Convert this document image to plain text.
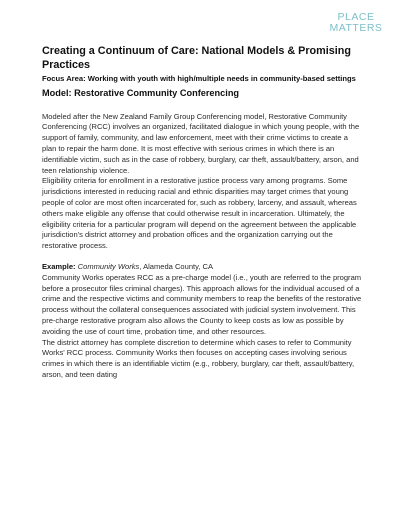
PLACE
MATTERS
Creating a Continuum of Care: National Models & Promising Practices
Focus Area: Working with youth with high/multiple needs in community-based settings
Model: Restorative Community Conferencing

Modeled after the New Zealand Family Group Conferencing model, Restorative Community Conferencing (RCC) involves an organized, facilitated dialogue in which young people, with the support of family, community, and law enforcement, meet with their crime victims to create a plan to repair the harm done. It is most effective with serious crimes in which there is an identifiable victim, such as in the case of robbery, burglary, car theft, assault/battery, arson, and teen relationship violence.

Eligibility criteria for enrollment in a restorative justice process vary among programs. Some jurisdictions interested in reducing racial and ethnic disparities may target crimes that young people of color are most often incarcerated for, such as robbery, larceny, and assault, whereas others make eligible any offense that could otherwise result in incarceration. Ultimately, the eligibility criteria for a particular program will depend on the agreement between the applicable jurisdiction's district attorney and probation offices and the organization carrying out the restorative process.

Example: Community Works, Alameda County, CA

Community Works operates RCC as a pre-charge model (i.e., youth are referred to the program before a prosecutor files criminal charges). This approach allows for the individual accused of a crime and the respective victims and community members to reap the benefits of the restorative process without the collateral consequences associated with judicial system involvement. This pre-charge restorative program also allows the County to keep costs as low as possible by avoiding the use of court time, probation time, and other resources.

The district attorney has complete discretion to determine which cases to refer to Community Works' RCC process. Community Works then focuses on accepting cases involving serious crimes in which there is an identifiable victim (e.g., robbery, burglary, car theft, assault/battery, arson, and teen dating
